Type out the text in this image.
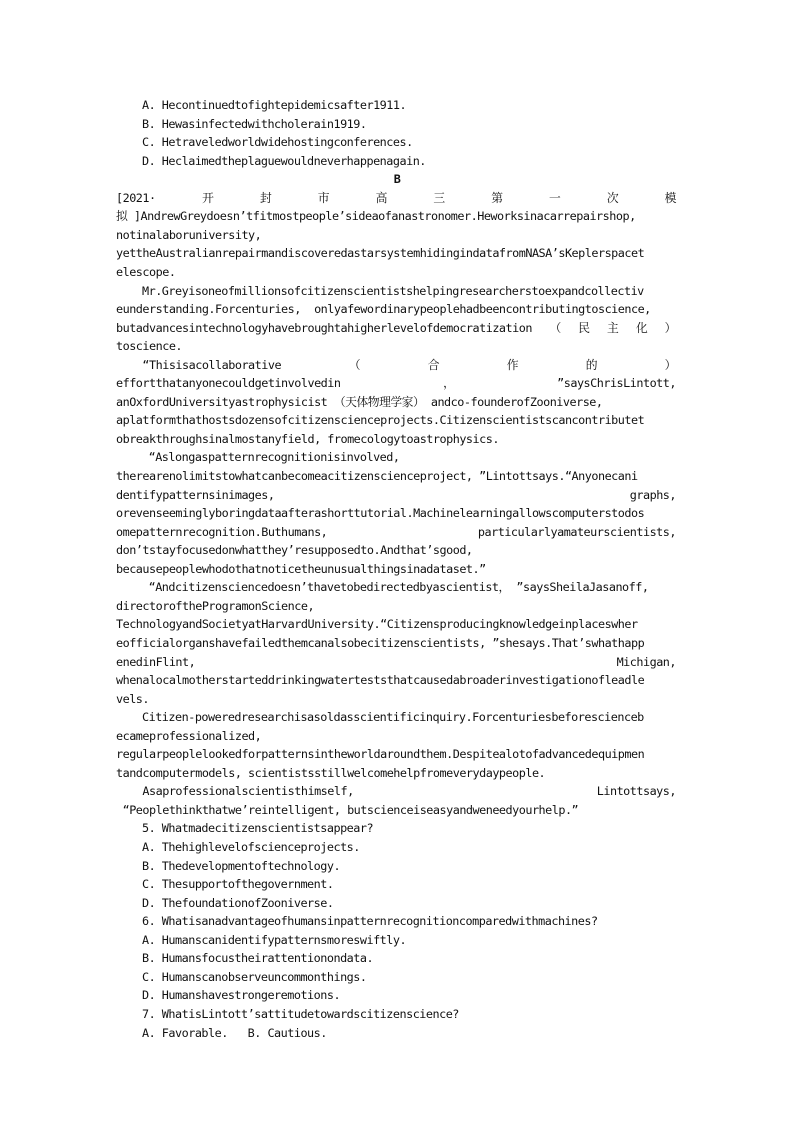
A. Hecontinuedtofightepidemicsafter1911.
B. Hewasinfectedwithcholerain1919.
C. Hetraveledworldwidehostingconferences.
D. Heclaimedtheplaguewouldneverhappenagain.
B
[2021·	开	封	市	高	三	第	一	次	模
拟 ]AndrewGreydoesn’tfitmostpeople’sideaofanastronomer.Heworksinacarrepairshop,
notinalaboruniversity,
yettheAustralianrepairmandiscoveredastarsystemhidingindatafromNASA’sKeplerspacet
elescope.
Mr.Greyisoneofmillionsofcitizenscientistshelpingresearcherstoexpandcollectiv
eunderstanding.Forcenturies,  onlyafewordinarypeoplehadbeencontributingtoscience,
butadvancesintechnologyhavebroughtahigherlevelofdemocratization （ 民 主 化 ）
toscience.
“Thisisacollaborative	（	合	作	的	）
effortthatanyonecouldgetinvolvedin	，	”saysChrisLintott,
anOxfordUniversityastrophysicist （天体物理学家） andco-founderofZooniverse,
aplatformthathostsdozensofcitizenscienceprojects.Citizenscientistscancontributet
obreakthroughsinalmostanyfield, fromecologytoastrophysics.
“Aslongaspatternrecognitionisinvolved,
therearenolimitstowhatcanbecomeacitizenscienceproject, ”Lintottsays.“Anyonecani
dentifypatternsinimages,	graphs,
orevenseeminglyboringdataafterashorttutorial.Machinelearningallowscomputerstodos
omepatternrecognition.Buthumans,	particularlyamateurscientists,
don’tstayfocusedonwhatthey’resupposedto.Andthat’sgood,
becausepeoplewhodothatnoticetheunusualthingsinadataset.”
“Andcitizensciencedoesn’thavetobedirectedbyascientist， ”saysSheilaJasanoff,
directoroftheProgramonScience,
TechnologyandSocietyatHarvardUniversity.“Citizensproducingknowledgeinplaceswher
eofficialorganshavefailedthemcanalsobecitizenscientists, ”shesays.That’swhathapp
enedinFlint,	Michigan,
whenalocalmotherstarteddrinkingwaterteststhatcausedabroaderinvestigationofleadle
vels.
Citizen-poweredresearchisasoldasscientificinquiry.Forcenturiesbeforescienceb
ecameprofessionalized,
regularpeoplelookedforpatternsintheworldaroundthem.Despitealotofadvancedequipmen
tandcomputermodels, scientistsstillwelcomehelpfromeverydaypeople.
Asaprofessionalscientisthimself,	Lintottsays,
“Peoplethinkthatwe’reintelligent, butscienceiseasyandweneedyourhelp.”
5. Whatmadecitizenscientistsappear?
A. Thehighlevelofscienceprojects.
B. Thedevelopmentoftechnology.
C. Thesupportofthegovernment.
D. ThefoundationofZooniverse.
6. Whatisanadvantageofhumansinpatternrecognitioncomparedwithmachines?
A. Humanscanidentifypatternsmoreswiftly.
B. Humansfocustheirattentionondata.
C. Humanscanobserveuncommonthings.
D. Humanshavestrongeremotions.
7. WhatisLintott’sattitudetowardscitizenscience?
A. Favorable.   B. Cautious.
